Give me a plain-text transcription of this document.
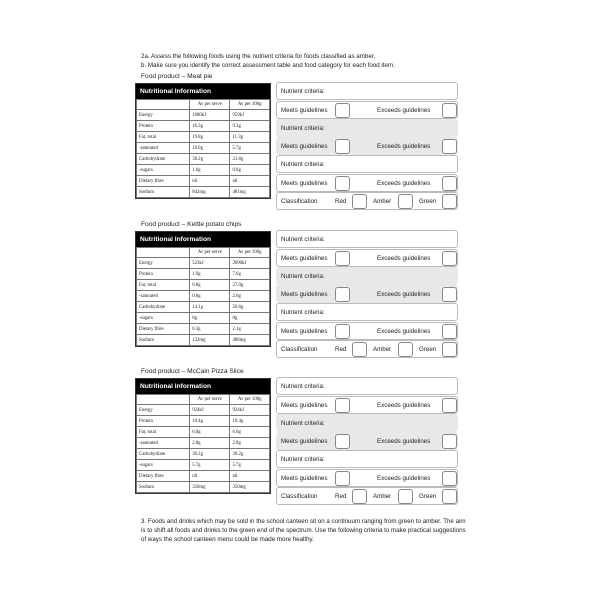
2a. Assess the following foods using the nutrient criteria for foods classified as amber.
b. Make sure you identify the correct assessment table and food category for each food item.
Food product – Meat pie
Nutritional Information
	Av per serve	Av per 100g
Energy	1680kJ	959kJ
Protein	16.3g	9.3g
Fat, total	19.8g	11.3g
-saturated	10.0g	5.7g
Carbohydrate	38.2g	21.8g
-sugars	1.6g	0.8g
Dietary fibre	nil	nil
Sodium	842mg	481mg
Nutrient criteria:
Meets guidelines	Exceeds guidelines
Nutrient criteria:
Meets guidelines	Exceeds guidelines
Nutrient criteria:
Meets guidelines	Exceeds guidelines
Classification	Red	Amber	Green
Food product – Kettle potato chips
Nutritional Information
	Av per serve	Av per 100g
Energy	523kJ	2090kJ
Protein	1.9g	7.6g
Fat, total	6.8g	27.0g
-saturated	0.6g	2.6g
Carbohydrate	14.1g	56.6g
-sugars	0g	0g
Dietary fibre	0.3g	2.1g
Sodium	122mg	486mg
Nutrient criteria:
Meets guidelines	Exceeds guidelines
Nutrient criteria:
Meets guidelines	Exceeds guidelines
Nutrient criteria:
Meets guidelines	Exceeds guidelines
Classification	Red	Amber	Green
Food product – McCain Pizza Slice
Nutritional Information
	Av per serve	Av per 100g
Energy	924kJ	924kJ
Protein	10.4g	10.4g
Fat, total	6.0g	6.0g
-saturated	2.8g	2.8g
Carbohydrate	30.2g	30.2g
-sugars	5.7g	5.7g
Dietary fibre	nil	nil
Sodium	350mg	350mg
Nutrient criteria:
Meets guidelines	Exceeds guidelines
Nutrient criteria:
Meets guidelines	Exceeds guidelines
Nutrient criteria:
Meets guidelines	Exceeds guidelines
Classification	Red	Amber	Green
3. Foods and drinks which may be sold in the school canteen sit on a continuum ranging from green to amber. The aim is to shift all foods and drinks to the green end of the spectrum. Use the following criteria to make practical suggestions of ways the school canteen menu could be made more healthy.
